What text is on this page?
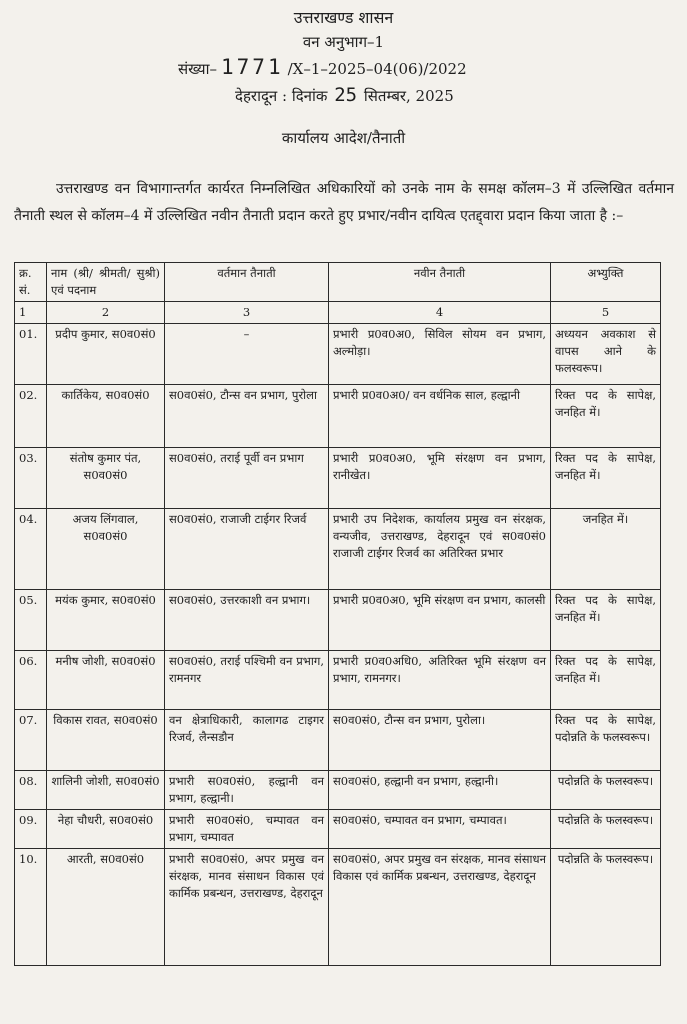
उत्तराखण्ड शासन
वन अनुभाग–1
संख्या– 1771 /X–1–2025–04(06)/2022
देहरादून : दिनांक 25 सितम्बर, 2025
कार्यालय आदेश/तैनाती

उत्तराखण्ड वन विभागान्तर्गत कार्यरत निम्नलिखित अधिकारियों को उनके नाम के समक्ष कॉलम–3 में उल्लिखित वर्तमान तैनाती स्थल से कॉलम–4 में उल्लिखित नवीन तैनाती प्रदान करते हुए प्रभार/नवीन दायित्व एतद्द्वारा प्रदान किया जाता है :–

क्र. सं.	नाम (श्री/ श्रीमती/ सुश्री) एवं पदनाम	वर्तमान तैनाती	नवीन तैनाती	अभ्युक्ति
1	2	3	4	5
01.	प्रदीप कुमार, स0व0सं0	–	प्रभारी प्र0व0अ0, सिविल सोयम वन प्रभाग, अल्मोड़ा।	अध्ययन अवकाश से वापस आने के फलस्वरूप।
02.	कार्तिकेय, स0व0सं0	स0व0सं0, टौन्स वन प्रभाग, पुरोला	प्रभारी प्र0व0अ0/ वन वर्धनिक साल, हल्द्वानी	रिक्त पद के सापेक्ष, जनहित में।
03.	संतोष कुमार पंत, स0व0सं0	स0व0सं0, तराई पूर्वी वन प्रभाग	प्रभारी प्र0व0अ0, भूमि संरक्षण वन प्रभाग, रानीखेत।	रिक्त पद के सापेक्ष, जनहित में।
04.	अजय लिंगवाल, स0व0सं0	स0व0सं0, राजाजी टाईगर रिजर्व	प्रभारी उप निदेशक, कार्यालय प्रमुख वन संरक्षक, वन्यजीव, उत्तराखण्ड, देहरादून एवं स0व0सं0 राजाजी टाईगर रिजर्व का अतिरिक्त प्रभार	जनहित में।
05.	मयंक कुमार, स0व0सं0	स0व0सं0, उत्तरकाशी वन प्रभाग।	प्रभारी प्र0व0अ0, भूमि संरक्षण वन प्रभाग, कालसी	रिक्त पद के सापेक्ष, जनहित में।
06.	मनीष जोशी, स0व0सं0	स0व0सं0, तराई पश्चिमी वन प्रभाग, रामनगर	प्रभारी प्र0व0अधि0, अतिरिक्त भूमि संरक्षण वन प्रभाग, रामनगर।	रिक्त पद के सापेक्ष, जनहित में।
07.	विकास रावत, स0व0सं0	वन क्षेत्राधिकारी, कालागढ टाइगर रिजर्व, लैन्सडौन	स0व0सं0, टौन्स वन प्रभाग, पुरोला।	रिक्त पद के सापेक्ष, पदोन्नति के फलस्वरूप।
08.	शालिनी जोशी, स0व0सं0	प्रभारी स0व0सं0, हल्द्वानी वन प्रभाग, हल्द्वानी।	स0व0सं0, हल्द्वानी वन प्रभाग, हल्द्वानी।	पदोन्नति के फलस्वरूप।
09.	नेहा चौधरी, स0व0सं0	प्रभारी स0व0सं0, चम्पावत वन प्रभाग, चम्पावत	स0व0सं0, चम्पावत वन प्रभाग, चम्पावत।	पदोन्नति के फलस्वरूप।
10.	आरती, स0व0सं0	प्रभारी स0व0सं0, अपर प्रमुख वन संरक्षक, मानव संसाधन विकास एवं कार्मिक प्रबन्धन, उत्तराखण्ड, देहरादून	स0व0सं0, अपर प्रमुख वन संरक्षक, मानव संसाधन विकास एवं कार्मिक प्रबन्धन, उत्तराखण्ड, देहरादून	पदोन्नति के फलस्वरूप।
